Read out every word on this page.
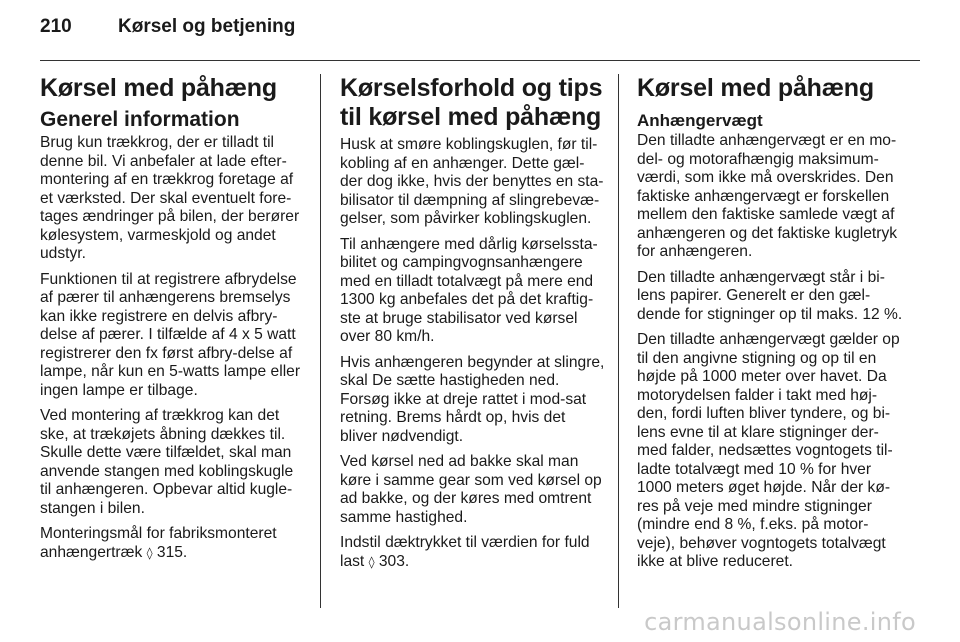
210	Kørsel og betjening
Kørsel med påhæng
Generel information

Brug kun trækkrog, der er tilladt til denne bil. Vi anbefaler at lade efter-montering af en trækkrog foretage af et værksted. Der skal eventuelt fore-tages ændringer på bilen, der berører kølesystem, varmeskjold og andet udstyr.

Funktionen til at registrere afbrydelse af pærer til anhængerens bremselys kan ikke registrere en delvis afbry-delse af pærer. I tilfælde af 4 x 5 watt registrerer den fx først afbry-delse af lampe, når kun en 5-watts lampe eller ingen lampe er tilbage.

Ved montering af trækkrog kan det ske, at trækøjets åbning dækkes til. Skulle dette være tilfældet, skal man anvende stangen med koblingskugle til anhængeren. Opbevar altid kugle-stangen i bilen.

Monteringsmål for fabriksmonteret anhængertræk ◊ 315.

Kørselsforhold og tips til kørsel med påhæng

Husk at smøre koblingskuglen, før til-kobling af en anhænger. Dette gæl-der dog ikke, hvis der benyttes en sta-bilisator til dæmpning af slingrebevæ-gelser, som påvirker koblingskuglen.

Til anhængere med dårlig kørselssta-bilitet og campingvognsanhængere med en tilladt totalvægt på mere end 1300 kg anbefales det på det kraftig-ste at bruge stabilisator ved kørsel over 80 km/h.

Hvis anhængeren begynder at slingre, skal De sætte hastigheden ned. Forsøg ikke at dreje rattet i mod-sat retning. Brems hårdt op, hvis det bliver nødvendigt.

Ved kørsel ned ad bakke skal man køre i samme gear som ved kørsel op ad bakke, og der køres med omtrent samme hastighed.

Indstil dæktrykket til værdien for fuld last ◊ 303.

Kørsel med påhæng
Anhængervægt

Den tilladte anhængervægt er en mo-del- og motorafhængig maksimum-værdi, som ikke må overskrides. Den faktiske anhængervægt er forskellen mellem den faktiske samlede vægt af anhængeren og det faktiske kugletryk for anhængeren.

Den tilladte anhængervægt står i bi-lens papirer. Generelt er den gæl-dende for stigninger op til maks. 12 %.

Den tilladte anhængervægt gælder op til den angivne stigning og op til en højde på 1000 meter over havet. Da motorydelsen falder i takt med høj-den, fordi luften bliver tyndere, og bi-lens evne til at klare stigninger der-med falder, nedsættes vogntogets til-ladte totalvægt med 10 % for hver 1000 meters øget højde. Når der kø-res på veje med mindre stigninger (mindre end 8 %, f.eks. på motor-veje), behøver vogntogets totalvægt ikke at blive reduceret.

carmanualsonline.info
